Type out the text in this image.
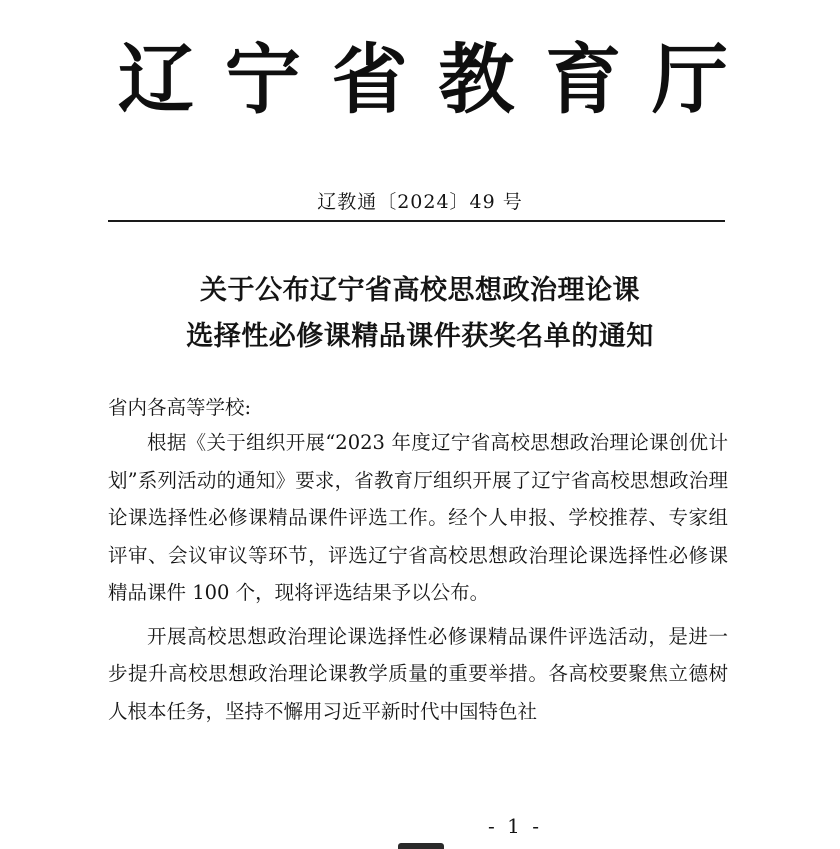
辽 宁 省 教 育 厅
辽教通〔2024〕49 号
关于公布辽宁省高校思想政治理论课
选择性必修课精品课件获奖名单的通知

省内各高等学校:

根据《关于组织开展“2023 年度辽宁省高校思想政治理论课创优计划”系列活动的通知》要求，省教育厅组织开展了辽宁省高校思想政治理论课选择性必修课精品课件评选工作。经个人申报、学校推荐、专家组评审、会议审议等环节，评选辽宁省高校思想政治理论课选择性必修课精品课件 100 个，现将评选结果予以公布。

开展高校思想政治理论课选择性必修课精品课件评选活动，是进一步提升高校思想政治理论课教学质量的重要举措。各高校要聚焦立德树人根本任务，坚持不懈用习近平新时代中国特色社

- 1 -
